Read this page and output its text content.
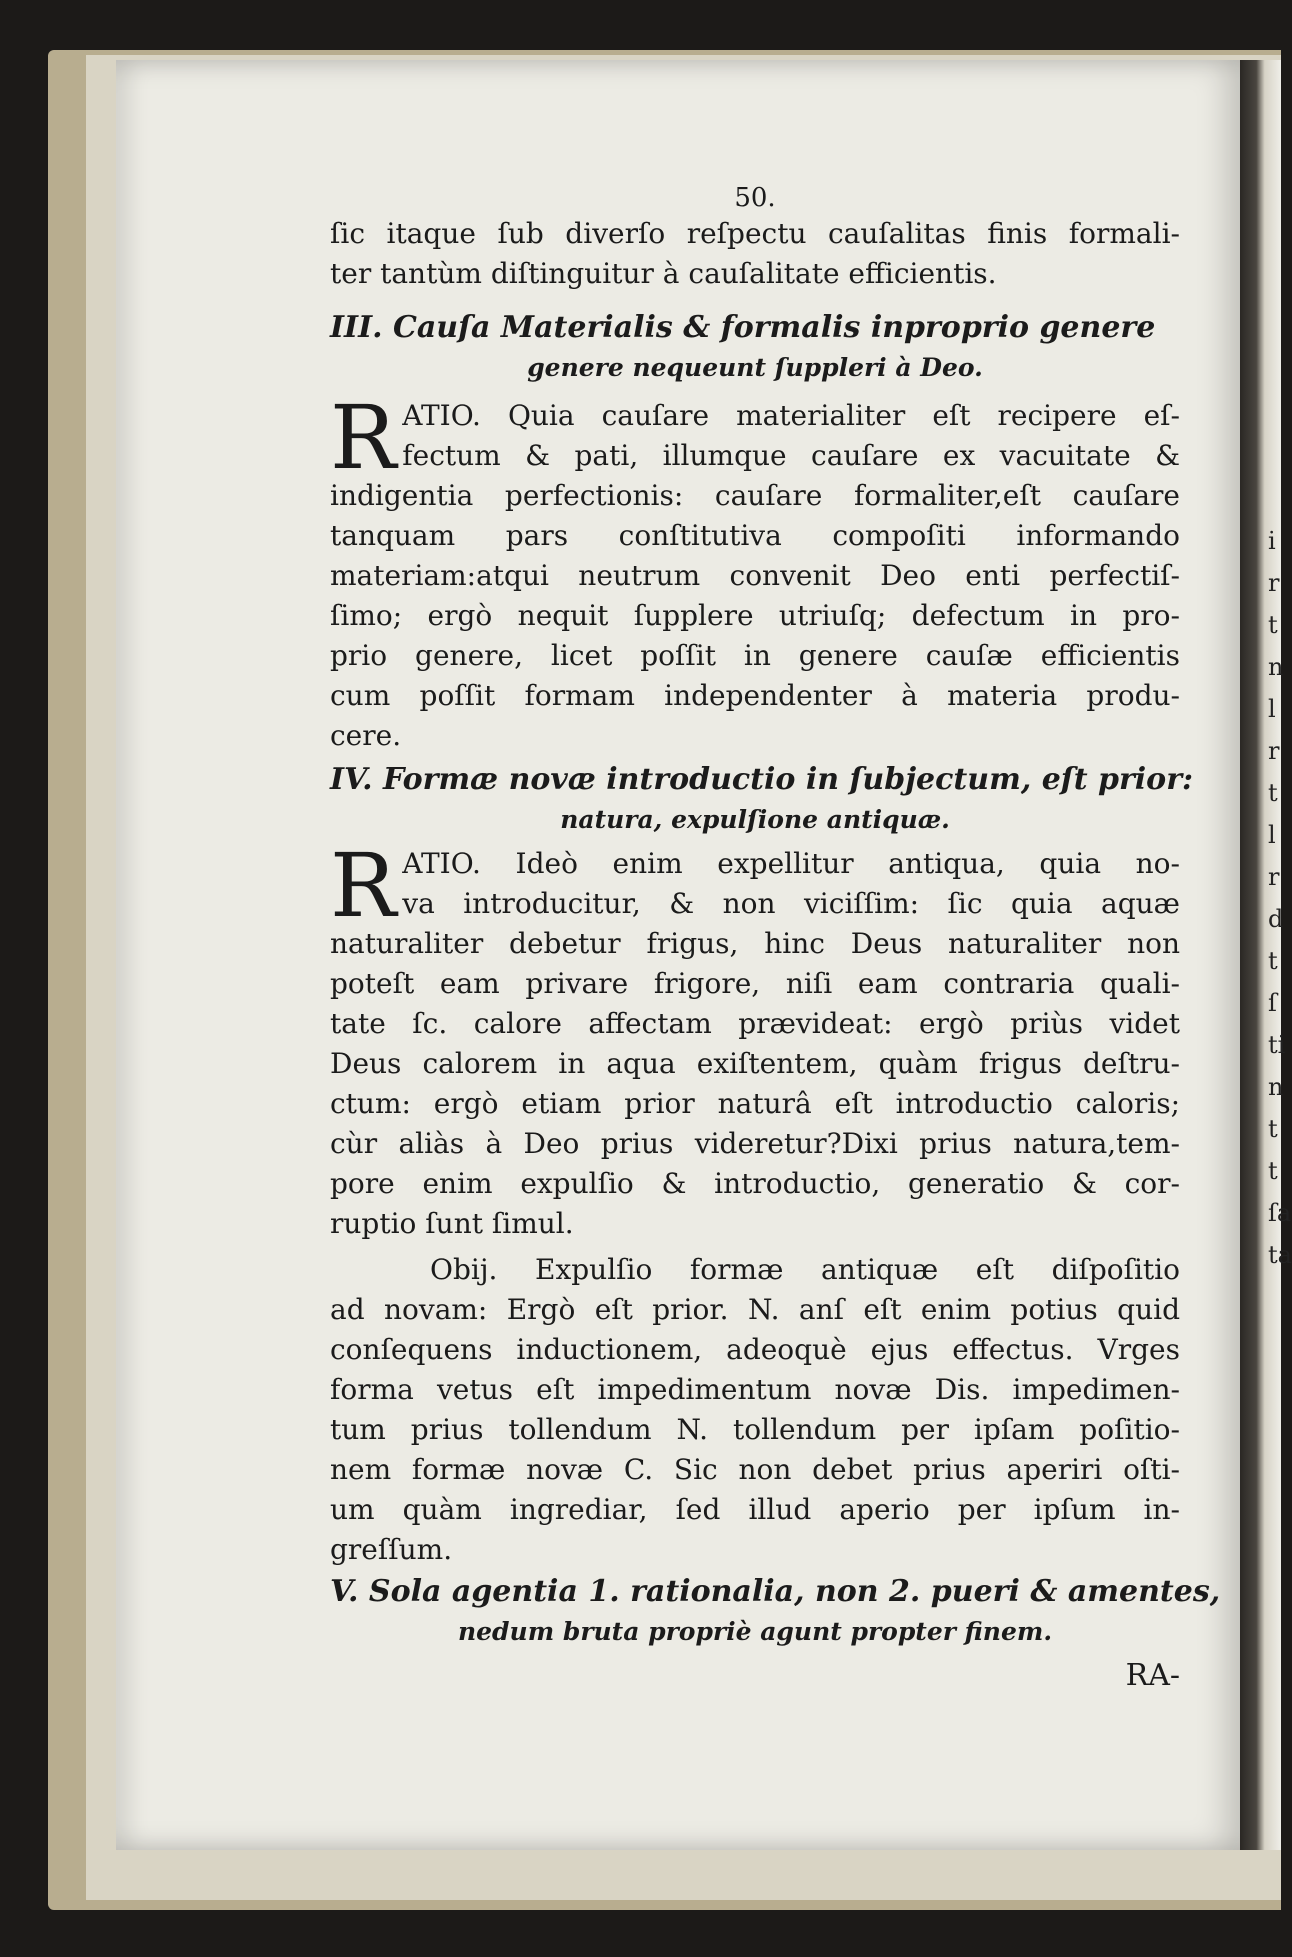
i
r
t
n
l
r
t
l
r
d
t
ſ
ti
n
t
t
ſa
ta
50.
ſic itaque ſub diverſo reſpectu cauſalitas finis formali-
ter tantùm diſtinguitur à cauſalitate efficientis.
III. Cauſa Materialis & formalis inproprio genere
genere nequeunt ſuppleri à Deo.
R ATIO. Quia cauſare materialiter eſt recipere eſ-
fectum & pati, illumque cauſare ex vacuitate &
indigentia perfectionis: cauſare formaliter,eſt cauſare
tanquam pars conſtitutiva compoſiti informando
materiam:atqui neutrum convenit Deo enti perfectiſ-
ſimo; ergò nequit ſupplere utriuſq; defectum in pro-
prio genere, licet poſſit in genere cauſæ efficientis
cum poſſit formam independenter à materia produ-
cere.
IV. Formæ novæ introductio in ſubjectum, eſt prior:
natura, expulſione antiquæ.
R ATIO. Ideò enim expellitur antiqua, quia no-
va introducitur, & non viciſſim: ſic quia aquæ
naturaliter debetur frigus, hinc Deus naturaliter non
poteſt eam privare frigore, niſi eam contraria quali-
tate ſc. calore affectam prævideat: ergò priùs videt
Deus calorem in aqua exiſtentem, quàm frigus deſtru-
ctum: ergò etiam prior naturâ eſt introductio caloris;
cùr aliàs à Deo prius videretur?Dixi prius natura,tem-
pore enim expulſio & introductio, generatio & cor-
ruptio ſunt ſimul.
Obij. Expulſio formæ antiquæ eſt diſpoſitio
ad novam: Ergò eſt prior. N. anſ eſt enim potius quid
conſequens inductionem, adeoquè ejus effectus. Vrges
forma vetus eſt impedimentum novæ Dis. impedimen-
tum prius tollendum N. tollendum per ipſam poſitio-
nem formæ novæ C. Sic non debet prius aperiri oſti-
um quàm ingrediar, ſed illud aperio per ipſum in-
greſſum.
V. Sola agentia 1. rationalia, non 2. pueri & amentes,
nedum bruta propriè agunt propter finem.
RA-
